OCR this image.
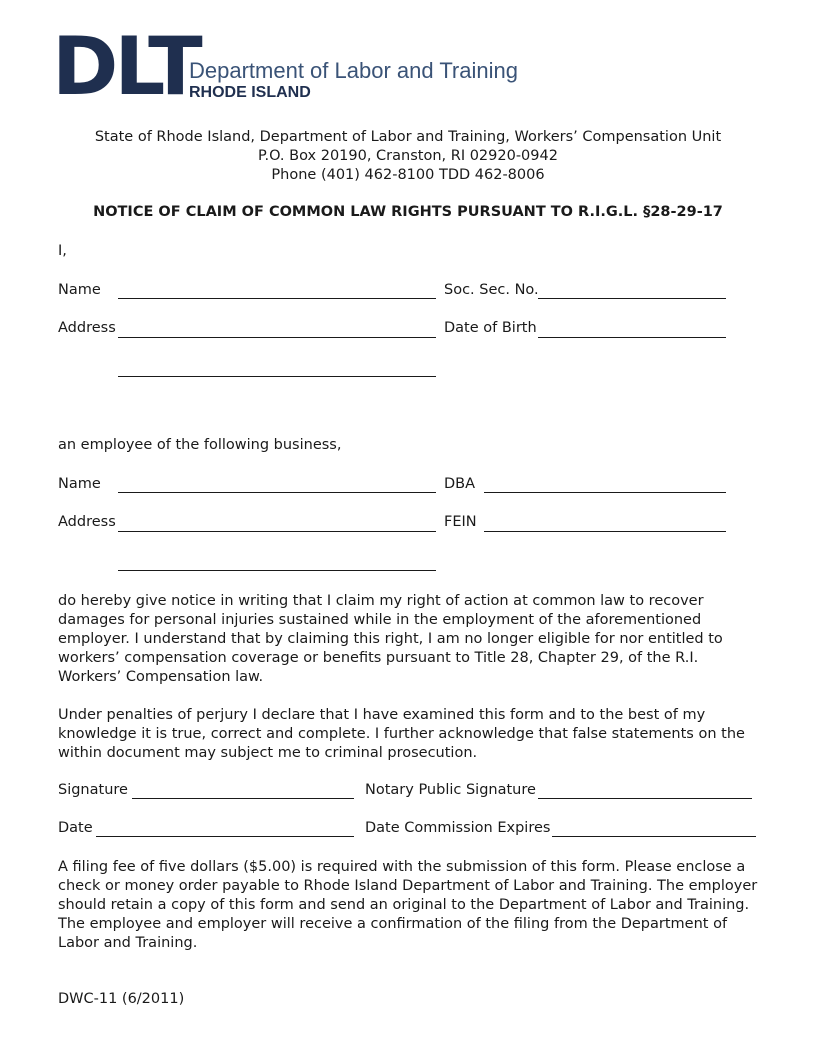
DLT
Department of Labor and Training
RHODE ISLAND
State of Rhode Island, Department of Labor and Training, Workers’ Compensation Unit
P.O. Box 20190, Cranston, RI 02920-0942
Phone (401) 462-8100 TDD 462-8006
NOTICE OF CLAIM OF COMMON LAW RIGHTS PURSUANT TO R.I.G.L. §28-29-17
I,
Name	Soc. Sec. No.
Address	Date of Birth
an employee of the following business,
Name	DBA
Address	FEIN
do hereby give notice in writing that I claim my right of action at common law to recover damages for personal injuries sustained while in the employment of the aforementioned employer. I understand that by claiming this right, I am no longer eligible for nor entitled to workers’ compensation coverage or benefits pursuant to Title 28, Chapter 29, of the R.I. Workers’ Compensation law.
Under penalties of perjury I declare that I have examined this form and to the best of my knowledge it is true, correct and complete. I further acknowledge that false statements on the within document may subject me to criminal prosecution.
Signature	Notary Public Signature
Date	Date Commission Expires
A filing fee of five dollars ($5.00) is required with the submission of this form. Please enclose a check or money order payable to Rhode Island Department of Labor and Training. The employer should retain a copy of this form and send an original to the Department of Labor and Training. The employee and employer will receive a confirmation of the filing from the Department of Labor and Training.
DWC-11 (6/2011)
